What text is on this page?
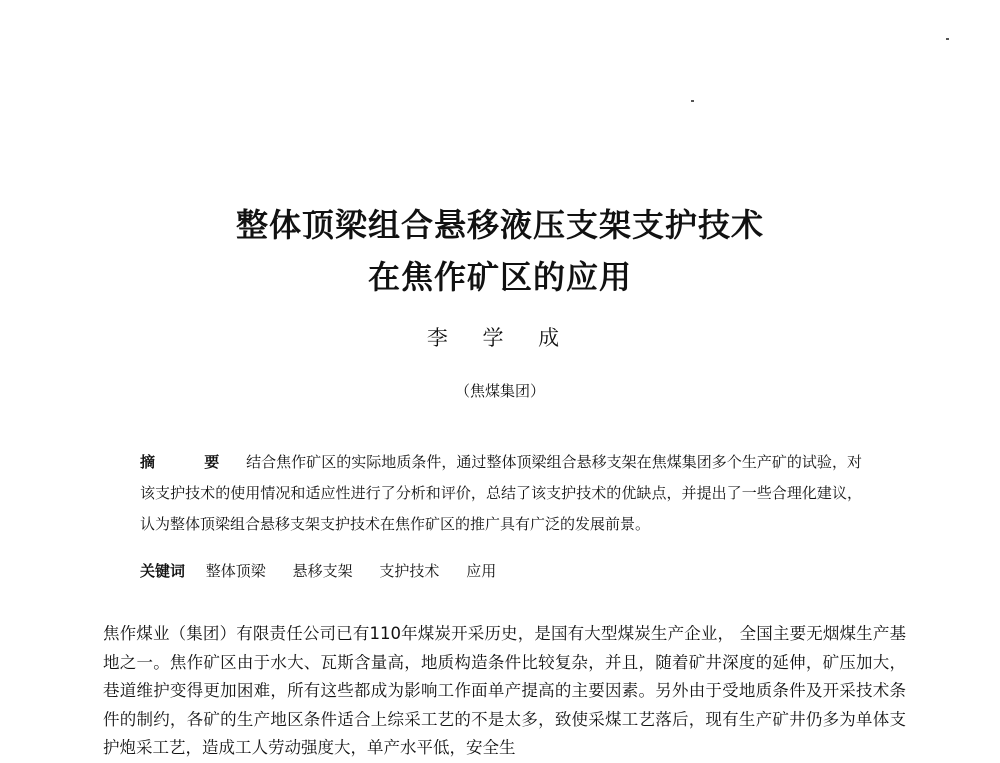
整体顶梁组合悬移液压支架支护技术
在焦作矿区的应用

李 学 成

（焦煤集团）

摘 要 结合焦作矿区的实际地质条件，通过整体顶梁组合悬移支架在焦煤集团多个生产矿的试验，对该支护技术的使用情况和适应性进行了分析和评价，总结了该支护技术的优缺点，并提出了一些合理化建议，认为整体顶梁组合悬移支架支护技术在焦作矿区的推广具有广泛的发展前景。

关键词 整体顶梁 悬移支架 支护技术 应用

焦作煤业（集团）有限责任公司已有110年煤炭开采历史，是国有大型煤炭生产企业， 全国主要无烟煤生产基地之一。焦作矿区由于水大、瓦斯含量高，地质构造条件比较复杂，并且，随着矿井深度的延伸，矿压加大，巷道维护变得更加困难，所有这些都成为影响工作面单产提高的主要因素。另外由于受地质条件及开采技术条件的制约，各矿的生产地区条件适合上综采工艺的不是太多，致使采煤工艺落后，现有生产矿井仍多为单体支护炮采工艺，造成工人劳动强度大，单产水平低，安全生
